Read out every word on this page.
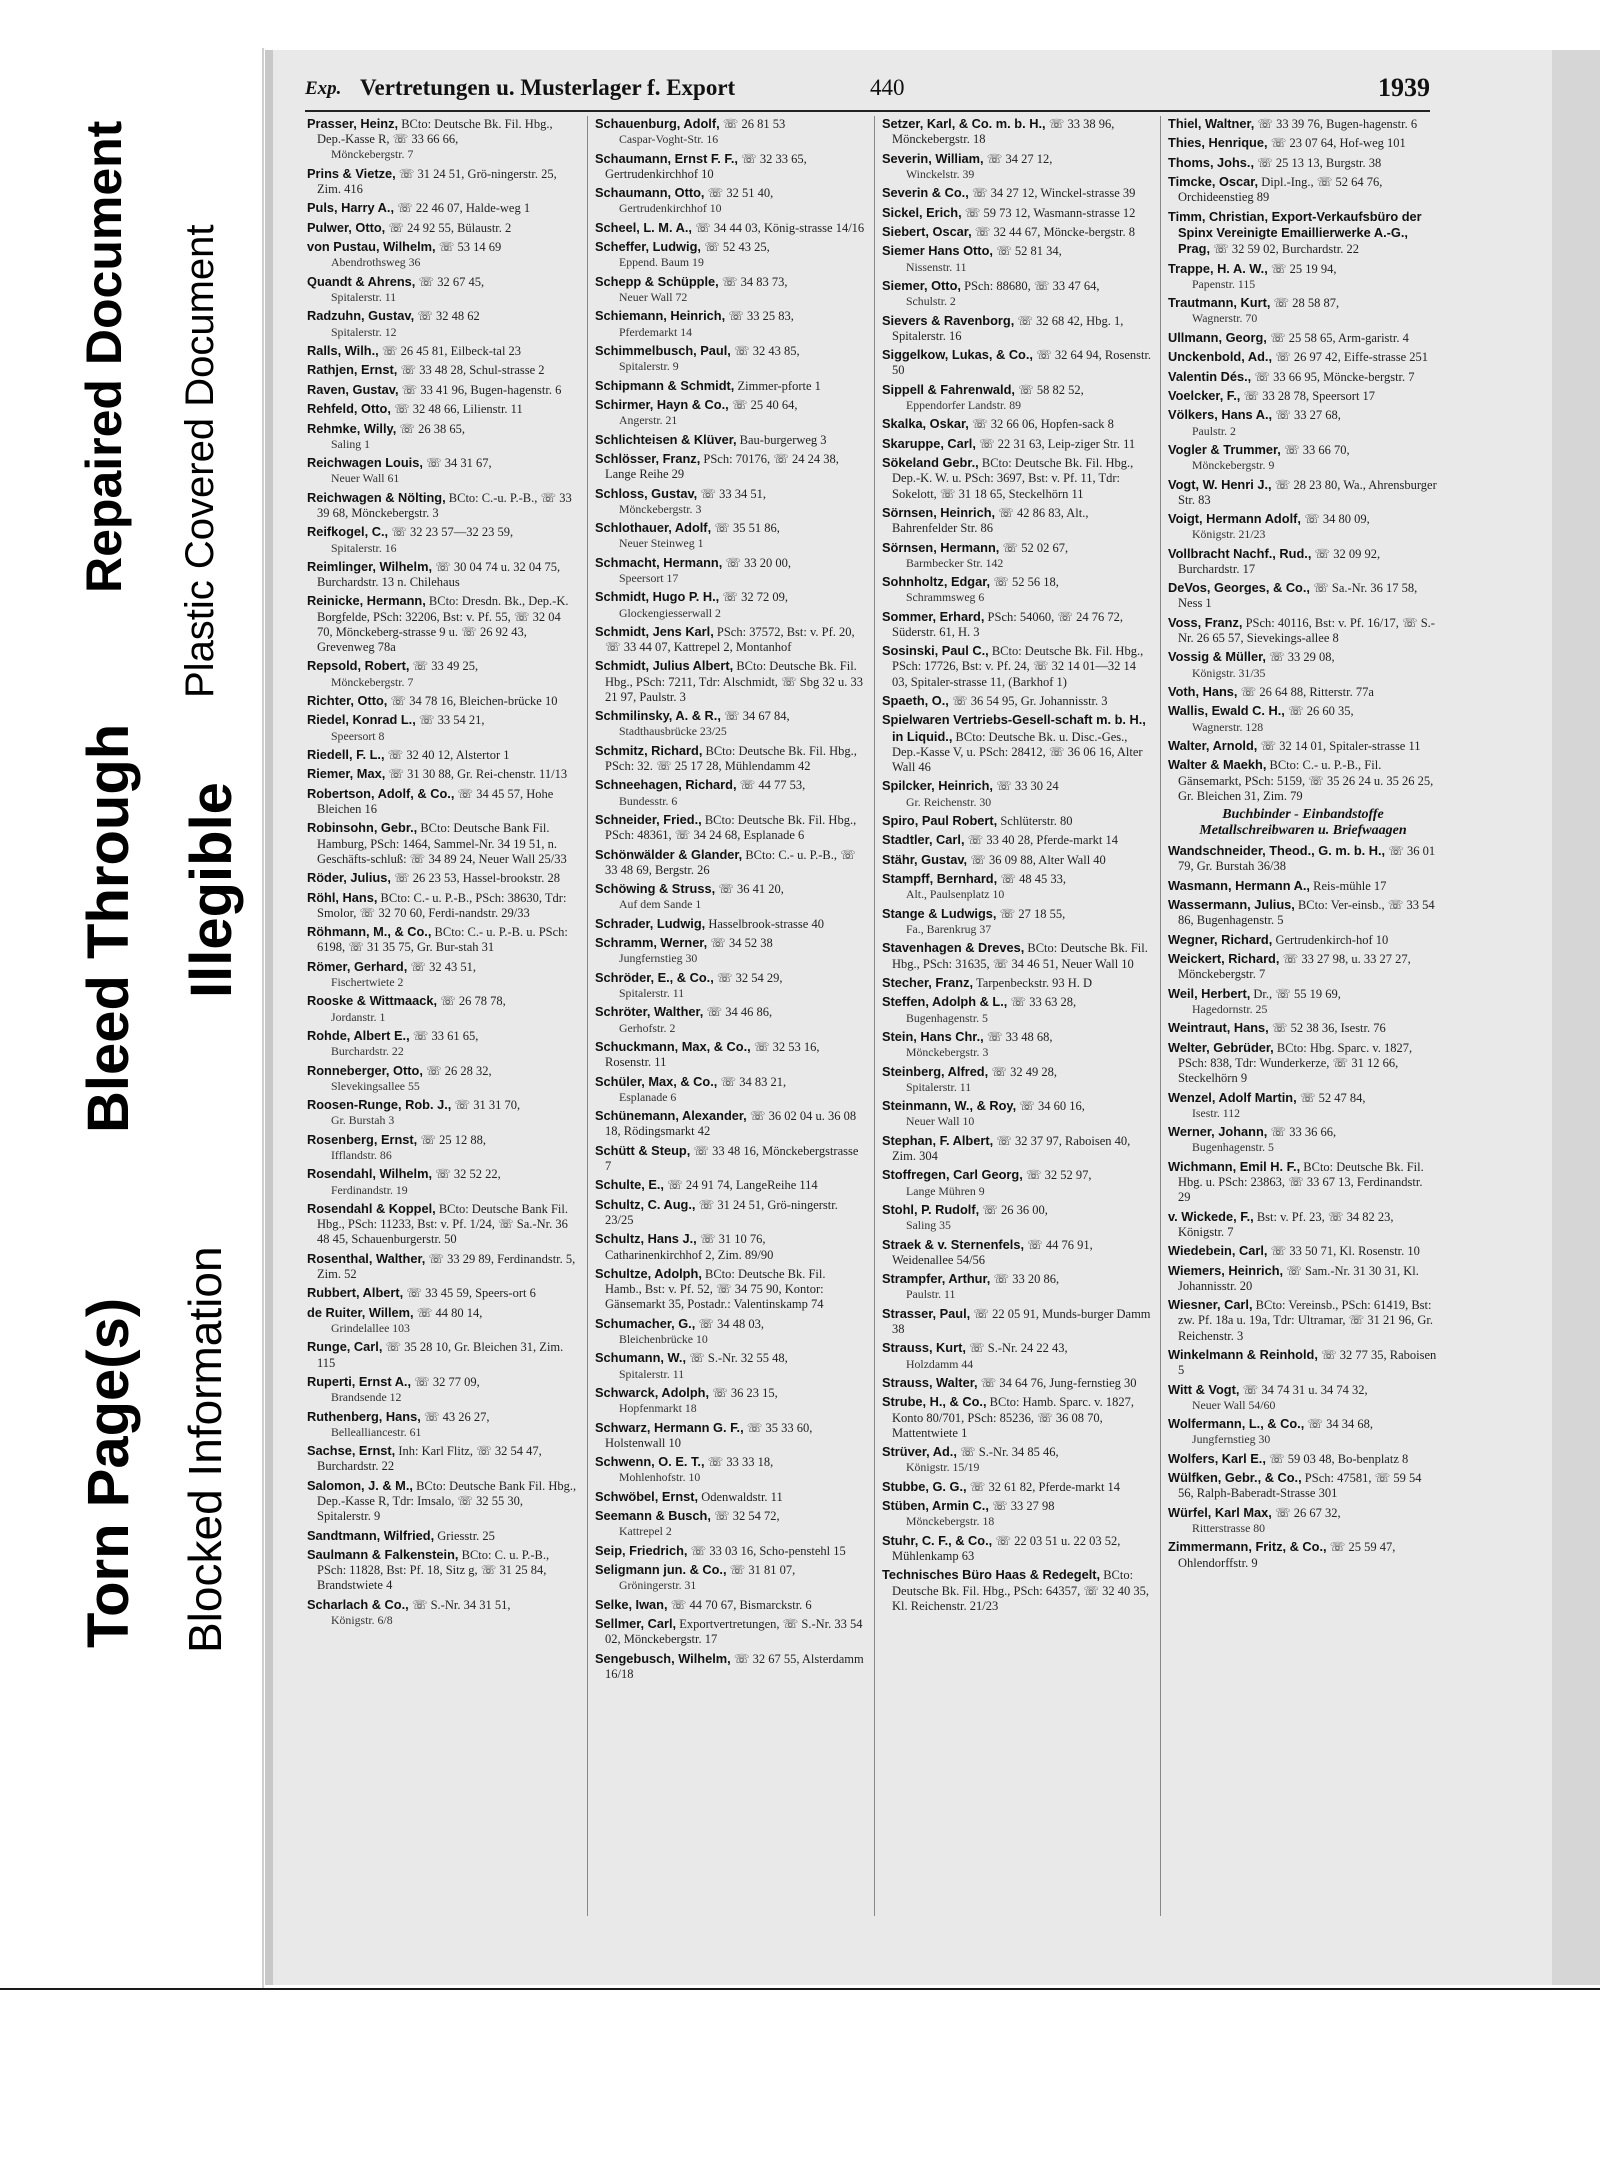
Torn Page(s) Blocked Information
Bleed Through Illegible
Repaired Document Plastic Covered Document
Exp. Vertretungen u. Musterlager f. Export	440	1939
Prasser, Heinz, BCto: Deutsche Bk. Fil. Hbg., Dep.-Kasse R, ☏ 33 66 66,
Mönckebergstr. 7
Prins & Vietze, ☏ 31 24 51, Grö-ningerstr. 25, Zim. 416
Puls, Harry A., ☏ 22 46 07, Halde-weg 1
Pulwer, Otto, ☏ 24 92 55, Bülaustr. 2
von Pustau, Wilhelm, ☏ 53 14 69
Abendrothsweg 36
Quandt & Ahrens, ☏ 32 67 45,
Spitalerstr. 11
Radzuhn, Gustav, ☏ 32 48 62
Spitalerstr. 12
Ralls, Wilh., ☏ 26 45 81, Eilbeck-tal 23
Rathjen, Ernst, ☏ 33 48 28, Schul-strasse 2
Raven, Gustav, ☏ 33 41 96, Bugen-hagenstr. 6
Rehfeld, Otto, ☏ 32 48 66, Lilienstr. 11
Rehmke, Willy, ☏ 26 38 65,
Saling 1
Reichwagen Louis, ☏ 34 31 67,
Neuer Wall 61
Reichwagen & Nölting, BCto: C.-u. P.-B., ☏ 33 39 68, Mönckebergstr. 3
Reifkogel, C., ☏ 32 23 57—32 23 59,
Spitalerstr. 16
Reimlinger, Wilhelm, ☏ 30 04 74 u. 32 04 75, Burchardstr. 13 n. Chilehaus
Reinicke, Hermann, BCto: Dresdn. Bk., Dep.-K. Borgfelde, PSch: 32206, Bst: v. Pf. 55, ☏ 32 04 70, Mönckeberg-strasse 9 u. ☏ 26 92 43, Grevenweg 78a
Repsold, Robert, ☏ 33 49 25,
Mönckebergstr. 7
Richter, Otto, ☏ 34 78 16, Bleichen-brücke 10
Riedel, Konrad L., ☏ 33 54 21,
Speersort 8
Riedell, F. L., ☏ 32 40 12, Alstertor 1
Riemer, Max, ☏ 31 30 88, Gr. Rei-chenstr. 11/13
Robertson, Adolf, & Co., ☏ 34 45 57, Hohe Bleichen 16
Robinsohn, Gebr., BCto: Deutsche Bank Fil. Hamburg, PSch: 1464, Sammel-Nr. 34 19 51, n. Geschäfts-schluß: ☏ 34 89 24, Neuer Wall 25/33
Röder, Julius, ☏ 26 23 53, Hassel-brookstr. 28
Röhl, Hans, BCto: C.- u. P.-B., PSch: 38630, Tdr: Smolor, ☏ 32 70 60, Ferdi-nandstr. 29/33
Röhmann, M., & Co., BCto: C.- u. P.-B. u. PSch: 6198, ☏ 31 35 75, Gr. Bur-stah 31
Römer, Gerhard, ☏ 32 43 51,
Fischertwiete 2
Rooske & Wittmaack, ☏ 26 78 78,
Jordanstr. 1
Rohde, Albert E., ☏ 33 61 65,
Burchardstr. 22
Ronneberger, Otto, ☏ 26 28 32,
Slevekingsallee 55
Roosen-Runge, Rob. J., ☏ 31 31 70,
Gr. Burstah 3
Rosenberg, Ernst, ☏ 25 12 88,
Ifflandstr. 86
Rosendahl, Wilhelm, ☏ 32 52 22,
Ferdinandstr. 19
Rosendahl & Koppel, BCto: Deutsche Bank Fil. Hbg., PSch: 11233, Bst: v. Pf. 1/24, ☏ Sa.-Nr. 36 48 45, Schauenburgerstr. 50
Rosenthal, Walther, ☏ 33 29 89, Ferdinandstr. 5, Zim. 52
Rubbert, Albert, ☏ 33 45 59, Speers-ort 6
de Ruiter, Willem, ☏ 44 80 14,
Grindelallee 103
Runge, Carl, ☏ 35 28 10, Gr. Bleichen 31, Zim. 115
Ruperti, Ernst A., ☏ 32 77 09,
Brandsende 12
Ruthenberg, Hans, ☏ 43 26 27,
Bellealliancestr. 61
Sachse, Ernst, Inh: Karl Flitz, ☏ 32 54 47, Burchardstr. 22
Salomon, J. & M., BCto: Deutsche Bank Fil. Hbg., Dep.-Kasse R, Tdr: Imsalo, ☏ 32 55 30, Spitalerstr. 9
Sandtmann, Wilfried, Griesstr. 25
Saulmann & Falkenstein, BCto: C. u. P.-B., PSch: 11828, Bst: Pf. 18, Sitz g, ☏ 31 25 84, Brandstwiete 4
Scharlach & Co., ☏ S.-Nr. 34 31 51,
Königstr. 6/8
Schauenburg, Adolf, ☏ 26 81 53
Caspar-Voght-Str. 16
Schaumann, Ernst F. F., ☏ 32 33 65, Gertrudenkirchhof 10
Schaumann, Otto, ☏ 32 51 40,
Gertrudenkirchhof 10
Scheel, L. M. A., ☏ 34 44 03, König-strasse 14/16
Scheffer, Ludwig, ☏ 52 43 25,
Eppend. Baum 19
Schepp & Schüpple, ☏ 34 83 73,
Neuer Wall 72
Schiemann, Heinrich, ☏ 33 25 83,
Pferdemarkt 14
Schimmelbusch, Paul, ☏ 32 43 85,
Spitalerstr. 9
Schipmann & Schmidt, Zimmer-pforte 1
Schirmer, Hayn & Co., ☏ 25 40 64,
Angerstr. 21
Schlichteisen & Klüver, Bau-burgerweg 3
Schlösser, Franz, PSch: 70176, ☏ 24 24 38, Lange Reihe 29
Schloss, Gustav, ☏ 33 34 51,
Mönckebergstr. 3
Schlothauer, Adolf, ☏ 35 51 86,
Neuer Steinweg 1
Schmacht, Hermann, ☏ 33 20 00,
Speersort 17
Schmidt, Hugo P. H., ☏ 32 72 09,
Glockengiesserwall 2
Schmidt, Jens Karl, PSch: 37572, Bst: v. Pf. 20, ☏ 33 44 07, Kattrepel 2, Montanhof
Schmidt, Julius Albert, BCto: Deutsche Bk. Fil. Hbg., PSch: 7211, Tdr: Alschmidt, ☏ Sbg 32 u. 33 21 97, Paulstr. 3
Schmilinsky, A. & R., ☏ 34 67 84,
Stadthausbrücke 23/25
Schmitz, Richard, BCto: Deutsche Bk. Fil. Hbg., PSch: 32. ☏ 25 17 28, Mühlendamm 42
Schneehagen, Richard, ☏ 44 77 53,
Bundesstr. 6
Schneider, Fried., BCto: Deutsche Bk. Fil. Hbg., PSch: 48361, ☏ 34 24 68, Esplanade 6
Schönwälder & Glander, BCto: C.- u. P.-B., ☏ 33 48 69, Bergstr. 26
Schöwing & Struss, ☏ 36 41 20,
Auf dem Sande 1
Schrader, Ludwig, Hasselbrook-strasse 40
Schramm, Werner, ☏ 34 52 38
Jungfernstieg 30
Schröder, E., & Co., ☏ 32 54 29,
Spitalerstr. 11
Schröter, Walther, ☏ 34 46 86,
Gerhofstr. 2
Schuckmann, Max, & Co., ☏ 32 53 16, Rosenstr. 11
Schüler, Max, & Co., ☏ 34 83 21,
Esplanade 6
Schünemann, Alexander, ☏ 36 02 04 u. 36 08 18, Rödingsmarkt 42
Schütt & Steup, ☏ 33 48 16, Mönckebergstrasse 7
Schulte, E., ☏ 24 91 74, LangeReihe 114
Schultz, C. Aug., ☏ 31 24 51, Grö-ningerstr. 23/25
Schultz, Hans J., ☏ 31 10 76, Catharinenkirchhof 2, Zim. 89/90
Schultze, Adolph, BCto: Deutsche Bk. Fil. Hamb., Bst: v. Pf. 52, ☏ 34 75 90, Kontor: Gänsemarkt 35, Postadr.: Valentinskamp 74
Schumacher, G., ☏ 34 48 03,
Bleichenbrücke 10
Schumann, W., ☏ S.-Nr. 32 55 48,
Spitalerstr. 11
Schwarck, Adolph, ☏ 36 23 15,
Hopfenmarkt 18
Schwarz, Hermann G. F., ☏ 35 33 60, Holstenwall 10
Schwenn, O. E. T., ☏ 33 33 18,
Mohlenhofstr. 10
Schwöbel, Ernst, Odenwaldstr. 11
Seemann & Busch, ☏ 32 54 72,
Kattrepel 2
Seip, Friedrich, ☏ 33 03 16, Scho-penstehl 15
Seligmann jun. & Co., ☏ 31 81 07,
Gröningerstr. 31
Selke, Iwan, ☏ 44 70 67, Bismarckstr. 6
Sellmer, Carl, Exportvertretungen, ☏ S.-Nr. 33 54 02, Mönckebergstr. 17
Sengebusch, Wilhelm, ☏ 32 67 55, Alsterdamm 16/18
Setzer, Karl, & Co. m. b. H., ☏ 33 38 96, Mönckebergstr. 18
Severin, William, ☏ 34 27 12,
Winckelstr. 39
Severin & Co., ☏ 34 27 12, Winckel-strasse 39
Sickel, Erich, ☏ 59 73 12, Wasmann-strasse 12
Siebert, Oscar, ☏ 32 44 67, Möncke-bergstr. 8
Siemer Hans Otto, ☏ 52 81 34,
Nissenstr. 11
Siemer, Otto, PSch: 88680, ☏ 33 47 64,
Schulstr. 2
Sievers & Ravenborg, ☏ 32 68 42, Hbg. 1, Spitalerstr. 16
Siggelkow, Lukas, & Co., ☏ 32 64 94, Rosenstr. 50
Sippell & Fahrenwald, ☏ 58 82 52,
Eppendorfer Landstr. 89
Skalka, Oskar, ☏ 32 66 06, Hopfen-sack 8
Skaruppe, Carl, ☏ 22 31 63, Leip-ziger Str. 11
Sökeland Gebr., BCto: Deutsche Bk. Fil. Hbg., Dep.-K. W. u. PSch: 3697, Bst: v. Pf. 11, Tdr: Sokelott, ☏ 31 18 65, Steckelhörn 11
Sörnsen, Heinrich, ☏ 42 86 83, Alt., Bahrenfelder Str. 86
Sörnsen, Hermann, ☏ 52 02 67,
Barmbecker Str. 142
Sohnholtz, Edgar, ☏ 52 56 18,
Schrammsweg 6
Sommer, Erhard, PSch: 54060, ☏ 24 76 72, Süderstr. 61, H. 3
Sosinski, Paul C., BCto: Deutsche Bk. Fil. Hbg., PSch: 17726, Bst: v. Pf. 24, ☏ 32 14 01—32 14 03, Spitaler-strasse 11, (Barkhof 1)
Spaeth, O., ☏ 36 54 95, Gr. Johannisstr. 3
Spielwaren Vertriebs-Gesell-schaft m. b. H., in Liquid., BCto: Deutsche Bk. u. Disc.-Ges., Dep.-Kasse V, u. PSch: 28412, ☏ 36 06 16, Alter Wall 46
Spilcker, Heinrich, ☏ 33 30 24
Gr. Reichenstr. 30
Spiro, Paul Robert, Schlüterstr. 80
Stadtler, Carl, ☏ 33 40 28, Pferde-markt 14
Stähr, Gustav, ☏ 36 09 88, Alter Wall 40
Stampff, Bernhard, ☏ 48 45 33,
Alt., Paulsenplatz 10
Stange & Ludwigs, ☏ 27 18 55,
Fa., Barenkrug 37
Stavenhagen & Dreves, BCto: Deutsche Bk. Fil. Hbg., PSch: 31635, ☏ 34 46 51, Neuer Wall 10
Stecher, Franz, Tarpenbeckstr. 93 H. D
Steffen, Adolph & L., ☏ 33 63 28,
Bugenhagenstr. 5
Stein, Hans Chr., ☏ 33 48 68,
Mönckebergstr. 3
Steinberg, Alfred, ☏ 32 49 28,
Spitalerstr. 11
Steinmann, W., & Roy, ☏ 34 60 16,
Neuer Wall 10
Stephan, F. Albert, ☏ 32 37 97, Raboisen 40, Zim. 304
Stoffregen, Carl Georg, ☏ 32 52 97,
Lange Mühren 9
Stohl, P. Rudolf, ☏ 26 36 00,
Saling 35
Straek & v. Sternenfels, ☏ 44 76 91, Weidenallee 54/56
Strampfer, Arthur, ☏ 33 20 86,
Paulstr. 11
Strasser, Paul, ☏ 22 05 91, Munds-burger Damm 38
Strauss, Kurt, ☏ S.-Nr. 24 22 43,
Holzdamm 44
Strauss, Walter, ☏ 34 64 76, Jung-fernstieg 30
Strube, H., & Co., BCto: Hamb. Sparc. v. 1827, Konto 80/701, PSch: 85236, ☏ 36 08 70, Mattentwiete 1
Strüver, Ad., ☏ S.-Nr. 34 85 46,
Königstr. 15/19
Stubbe, G. G., ☏ 32 61 82, Pferde-markt 14
Stüben, Armin C., ☏ 33 27 98
Mönckebergstr. 18
Stuhr, C. F., & Co., ☏ 22 03 51 u. 22 03 52, Mühlenkamp 63
Technisches Büro Haas & Redegelt, BCto: Deutsche Bk. Fil. Hbg., PSch: 64357, ☏ 32 40 35, Kl. Reichenstr. 21/23
Thiel, Waltner, ☏ 33 39 76, Bugen-hagenstr. 6
Thies, Henrique, ☏ 23 07 64, Hof-weg 101
Thoms, Johs., ☏ 25 13 13, Burgstr. 38
Timcke, Oscar, Dipl.-Ing., ☏ 52 64 76, Orchideenstieg 89
Timm, Christian, Export-Verkaufsbüro der Spinx Vereinigte Emaillierwerke A.-G., Prag, ☏ 32 59 02, Burchardstr. 22
Trappe, H. A. W., ☏ 25 19 94,
Papenstr. 115
Trautmann, Kurt, ☏ 28 58 87,
Wagnerstr. 70
Ullmann, Georg, ☏ 25 58 65, Arm-garistr. 4
Unckenbold, Ad., ☏ 26 97 42, Eiffe-strasse 251
Valentin Dés., ☏ 33 66 95, Möncke-bergstr. 7
Voelcker, F., ☏ 33 28 78, Speersort 17
Völkers, Hans A., ☏ 33 27 68,
Paulstr. 2
Vogler & Trummer, ☏ 33 66 70,
Mönckebergstr. 9
Vogt, W. Henri J., ☏ 28 23 80, Wa., Ahrensburger Str. 83
Voigt, Hermann Adolf, ☏ 34 80 09,
Königstr. 21/23
Vollbracht Nachf., Rud., ☏ 32 09 92, Burchardstr. 17
DeVos, Georges, & Co., ☏ Sa.-Nr. 36 17 58, Ness 1
Voss, Franz, PSch: 40116, Bst: v. Pf. 16/17, ☏ S.-Nr. 26 65 57, Sievekings-allee 8
Vossig & Müller, ☏ 33 29 08,
Königstr. 31/35
Voth, Hans, ☏ 26 64 88, Ritterstr. 77a
Wallis, Ewald C. H., ☏ 26 60 35,
Wagnerstr. 128
Walter, Arnold, ☏ 32 14 01, Spitaler-strasse 11
Walter & Maekh, BCto: C.- u. P.-B., Fil. Gänsemarkt, PSch: 5159, ☏ 35 26 24 u. 35 26 25, Gr. Bleichen 31, Zim. 79
Buchbinder - Einbandstoffe Metallschreibwaren u. Briefwaagen
Wandschneider, Theod., G. m. b. H., ☏ 36 01 79, Gr. Burstah 36/38
Wasmann, Hermann A., Reis-mühle 17
Wassermann, Julius, BCto: Ver-einsb., ☏ 33 54 86, Bugenhagenstr. 5
Wegner, Richard, Gertrudenkirch-hof 10
Weickert, Richard, ☏ 33 27 98, u. 33 27 27, Mönckebergstr. 7
Weil, Herbert, Dr., ☏ 55 19 69,
Hagedornstr. 25
Weintraut, Hans, ☏ 52 38 36, Isestr. 76
Welter, Gebrüder, BCto: Hbg. Sparc. v. 1827, PSch: 838, Tdr: Wunderkerze, ☏ 31 12 66, Steckelhörn 9
Wenzel, Adolf Martin, ☏ 52 47 84,
Isestr. 112
Werner, Johann, ☏ 33 36 66,
Bugenhagenstr. 5
Wichmann, Emil H. F., BCto: Deutsche Bk. Fil. Hbg. u. PSch: 23863, ☏ 33 67 13, Ferdinandstr. 29
v. Wickede, F., Bst: v. Pf. 23, ☏ 34 82 23, Königstr. 7
Wiedebein, Carl, ☏ 33 50 71, Kl. Rosenstr. 10
Wiemers, Heinrich, ☏ Sam.-Nr. 31 30 31, Kl. Johannisstr. 20
Wiesner, Carl, BCto: Vereinsb., PSch: 61419, Bst: zw. Pf. 18a u. 19a, Tdr: Ultramar, ☏ 31 21 96, Gr. Reichenstr. 3
Winkelmann & Reinhold, ☏ 32 77 35, Raboisen 5
Witt & Vogt, ☏ 34 74 31 u. 34 74 32,
Neuer Wall 54/60
Wolfermann, L., & Co., ☏ 34 34 68,
Jungfernstieg 30
Wolfers, Karl E., ☏ 59 03 48, Bo-benplatz 8
Wülfken, Gebr., & Co., PSch: 47581, ☏ 59 54 56, Ralph-Baberadt-Strasse 301
Würfel, Karl Max, ☏ 26 67 32,
Ritterstrasse 80
Zimmermann, Fritz, & Co., ☏ 25 59 47, Ohlendorffstr. 9
